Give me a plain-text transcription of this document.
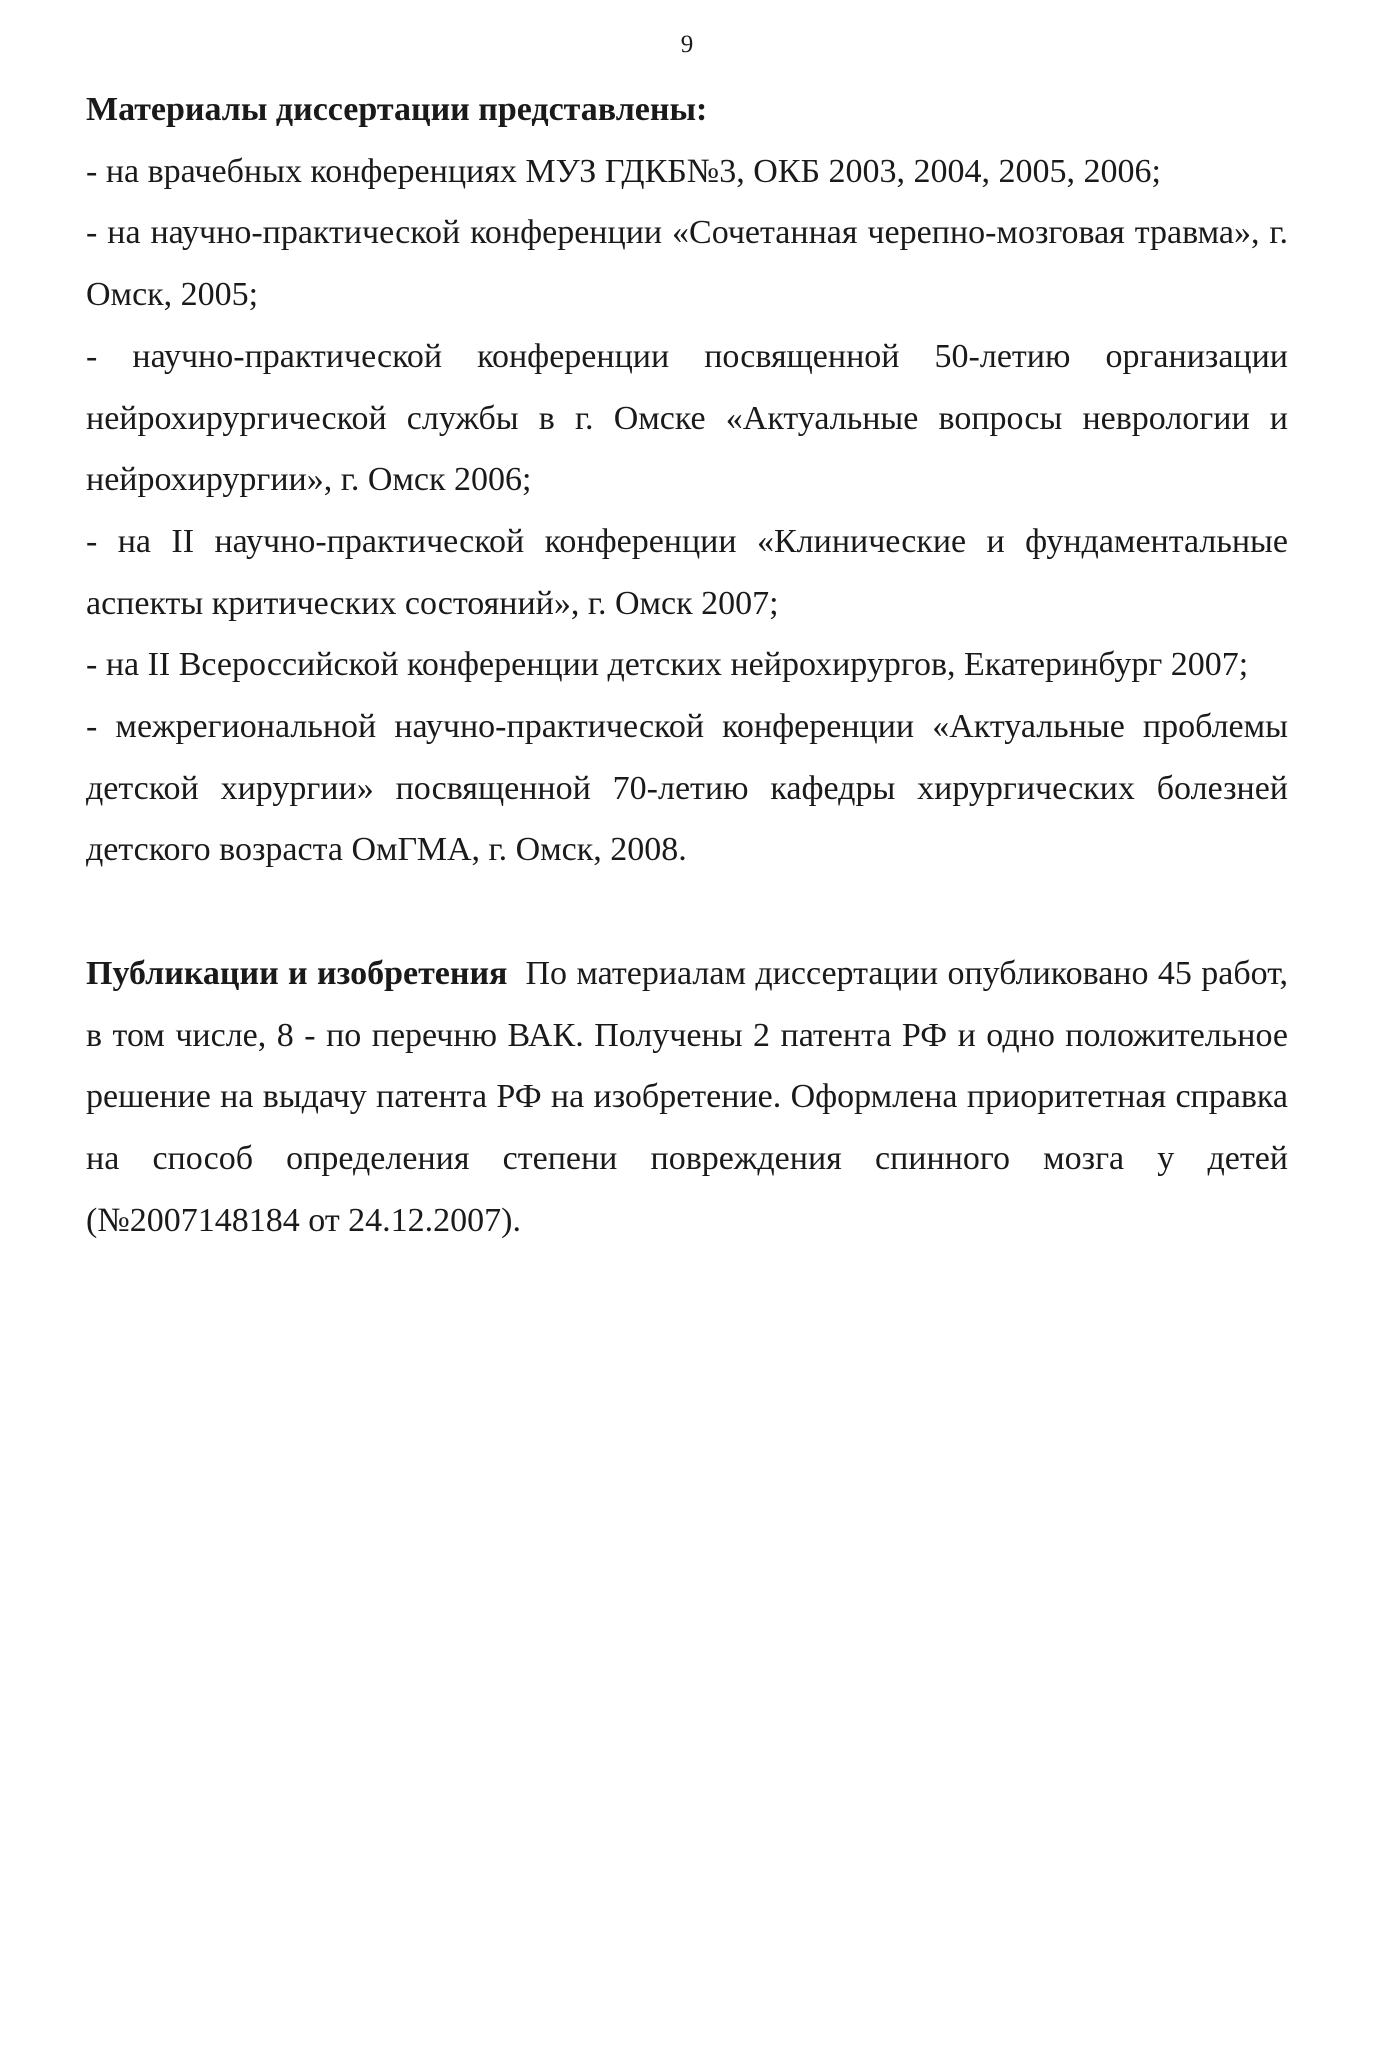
9

Материалы диссертации представлены:

- на врачебных конференциях МУЗ ГДКБ№3, ОКБ 2003, 2004, 2005, 2006;

- на научно-практической конференции «Сочетанная черепно-мозговая травма», г. Омск, 2005;

- научно-практической конференции посвященной 50-летию организации нейрохирургической службы в г. Омске «Актуальные вопросы неврологии и нейрохирургии», г. Омск 2006;

- на II научно-практической конференции «Клинические и фундаментальные аспекты критических состояний», г. Омск 2007;

- на II Всероссийской конференции детских нейрохирургов, Екатеринбург 2007;

- межрегиональной научно-практической конференции «Актуальные проблемы детской хирургии» посвященной 70-летию кафедры хирургических болезней детского возраста ОмГМА, г. Омск, 2008.

Публикации и изобретения По материалам диссертации опубликовано 45 работ, в том числе, 8 - по перечню ВАК. Получены 2 патента РФ и одно положительное решение на выдачу патента РФ на изобретение. Оформлена приоритетная справка на способ определения степени повреждения спинного мозга у детей (№2007148184 от 24.12.2007).
